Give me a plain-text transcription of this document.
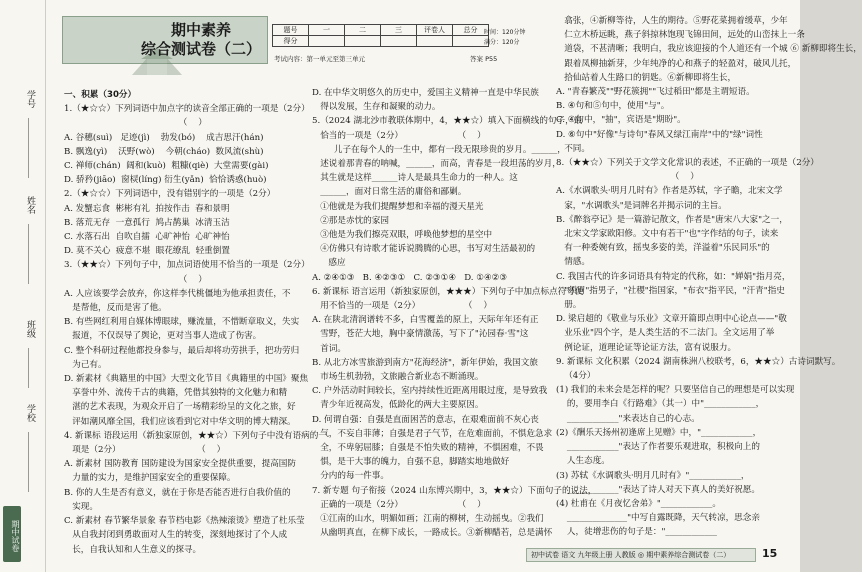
学号
姓名
班级
学校
期中试卷
期中素养
综合测试卷（二）
题号	一	二	三	评卷人	总分
得分					
时间：120分钟
满分：120分
考试内容：第一单元至第三单元	答案 P55
一、积累（30分）
1.（★☆☆）下列词语中加点字的读音全部正确的一项是（2分）
（    ）
A. 谷穗(suì)   足迹(jì)    勃发(bó)    成吉思汗(hán)
B. 飘逸(yì)    沃野(wò)    今朝(cháo)  数风流(shù)
C. 禅师(chán)  阔和(kuò)  粗糠(qiè)  大堂需要(gài)
D. 骄矜(jiāo)  窗棂(líng) 衍生(yǎn)  恰恰诱惑(huò)
2.（★☆☆）下列词语中，没有错别字的一项是（2分）
A. 发蟹忘食  彬彬有礼  拍按作击  春和景明
B. 落荒无存  一意孤行  鸠占鹊巢  冰清玉洁
C. 水落石出  自吹自擂  心旷神怡  心旷神怡
D. 莫不关心  疲意不堪  眼花缭乱  轻重倒置
3.（★★☆）下列句子中，加点词语使用不恰当的一项是（2分）
（    ）
A. 人应该要学会放弃，你这样李代桃僵地为他承担责任，不
是帮他，反而是害了他。
B. 有些网红利用自媒体博眼球，赚流量，不惜断章取义，失实
报道，不仅误导了舆论，更对当事人造成了伤害。
C. 整个科研过程他都投身参与，最后却将功劳拱手，把功劳归
为己有。
D. 新素材《典籍里的中国》大型文化节目《典籍里的中国》聚焦
享誉中外、流传千古的典籍，凭借其独特的文化魅力和精
湛的艺术表现，为观众开启了一场精彩纷呈的文化之旅，好
评如潮风靡全国，我们应该看到它对中华文明的博大精深。
4. 新课标 语段运用（新独家原创，★★☆）下列句子中没有语病的一
项是（2分）                            （    ）
A. 新素材 国防教育 国防建设为国家安全提供重要，提高国防
力量的实力，是维护国家安全的重要保障。
B. 你的人生是否有意义，就在于你是否能否进行自我价值的
实现。
C. 新素材 春节繁华景象 春节档电影《热辣滚烫》塑造了杜乐莹
从自我封闭到勇敢面对人生的转变，深刻地探讨了个人成
长，自我认知和人生意义的探寻。
D. 在中华文明悠久的历史中，爱国主义精神一直是中华民族
得以发展，生存和凝聚的动力。
5.（2024 湖北沙市教联体期中，4，★★☆）填入下面横线的句子，最
恰当的一项是（2分）                    （    ）
儿子在每个人的一生中，都有一段无限珍贵的岁月。______，
述说着那青春的呐喊，______，而高，青春是一段坦荡的岁月，
其生就是这样______诗人是最具生命力的一种人。这
______，面对日常生活的庸俗和鄙剿。
①他就是为我们提醒梦想和幸福的漫天星光
②那是赤忱的家园
③他是为我们擦亮双眼，呼唤他梦想的星空中
④仿佛只有诗歌才能诉说腾腾的心思，书写对生活最初的
感应
A. ②④①③   B. ④②③①   C. ②③①④   D. ①④②③
6. 新课标 语言运用（新独家原创，★★★）下列句子中加点标点符号使
用不恰当的一项是（2分）                （    ）
A. 在陕北清润谱转不多，白雪覆盖的原上，天际年年还有正
雪野，苍茫大地，胸中豪情激荡，写下了"沁园春·雪"这
首词。
B. 从北方冰雪旅游到南方"花海经济"，新年伊始，我国文旅
市场生机勃勃，文旅融合新业态不断涌现。
C. 户外活动时间较长，室内持续性近距离用眼过度，是导致我
青少年近视高发，低龄化的两大主要原因。
D. 何谓自强：自强是直面困苦的意志，在艰难面前不灰心丧
气，不妄自菲薄；自强是君子气节，在危难面前，不惧危急求
全，不卑躬屈膝；自强是不怕失败的精神，不惧困难，不畏
惧，是干大事的魄力，自强不息，脚踏实地地做好
分内的每一件事。
7. 新专题 句子衔接（2024 山东博兴期中，3，★★☆）下面句子的说法，
正确的一项是（2分）                    （    ）
①江南的山水，明媚如画；江南的柳树，生动摇曳。②我们
从幽明真直，在柳下成长，一路成长。③新柳醋若，总是满怀
翕张，④新柳等待，人生的期待。⑤野花菜拥着缓草，少年
仁立木桥远眺，燕子斜掠林饱现飞锦田间，远处的山峦抹上一条
道袋，不甚清晰；我明白，我应该迎接的个人道还有一个城 ⑥ 新柳即将生长，
跟着凤柳抽新芽，少年纯净的心和燕子的轻盈对，破风儿托，
拾仙站着人生路口的钥匙。⑥新柳即将生长，
A. "青春繁茂""野花簇拥""飞过稻田"都是主谓短语。
B. ④句和⑤句中，使用"与"。
C. ④句中，"抽"，宾语是"期盼"。
D. ⑥句中"好像"与诗句"春风又绿江南岸"中的"绿"词性
不同。
8.（★★☆）下列关于文学文化常识的表述，不正确的一项是（2分）
（    ）
A.《水调歌头·明月几时有》作者是苏轼，字子瞻，北宋文学
家，"水调歌头"是词牌名并揭示词的主旨。
B.《醉翁亭记》是一篇游记散文，作者是"唐宋八大家"之一，
北宋文学家欧阳修。文中有若干"也"字作结的句子，读来
有一种委婉有致，摇曳多姿的美，洋溢着"乐民同乐"的
情感。
C. 我国古代的许多词语具有特定的代称，如："婵娟"指月亮，
"须眉"指男子，"社稷"指国家，"布衣"指平民，"汗青"指史
册。
D. 梁启超的《敬业与乐业》文章开篇即点明中心论点——"敬
业乐业"四个字，是人类生活的不二法门。全文运用了举
例论证，道理论证等论证方法，富有说服力。
9. 新课标 文化积累（2024 湖南株洲八校联考，6，★★☆）古诗词默写。
（4分）
(1) 我们的未来会是怎样的呢？只要坚信自己的理想是可以实现
的，要用李白《行路难》（其一）中"____________，
____________"来表达自己的心志。
(2)《酬乐天扬州初逢席上见赠》中，"____________，
____________"表达了作者要乐观进取，积极向上的
人生态度。
(3) 苏轼《水调歌头·明月几时有》"____________，
____________"表达了诗人对天下真人的美好祝愿。
(4) 杜甫在《月夜忆舍弟》"____________。
______________"中写自露既降，天气转凉，思念亲
人，徒增悲伤的句子是："____________
初中试卷 语文 九年级上册 人教版 ◎ 期中素养综合测试卷（二）	15
